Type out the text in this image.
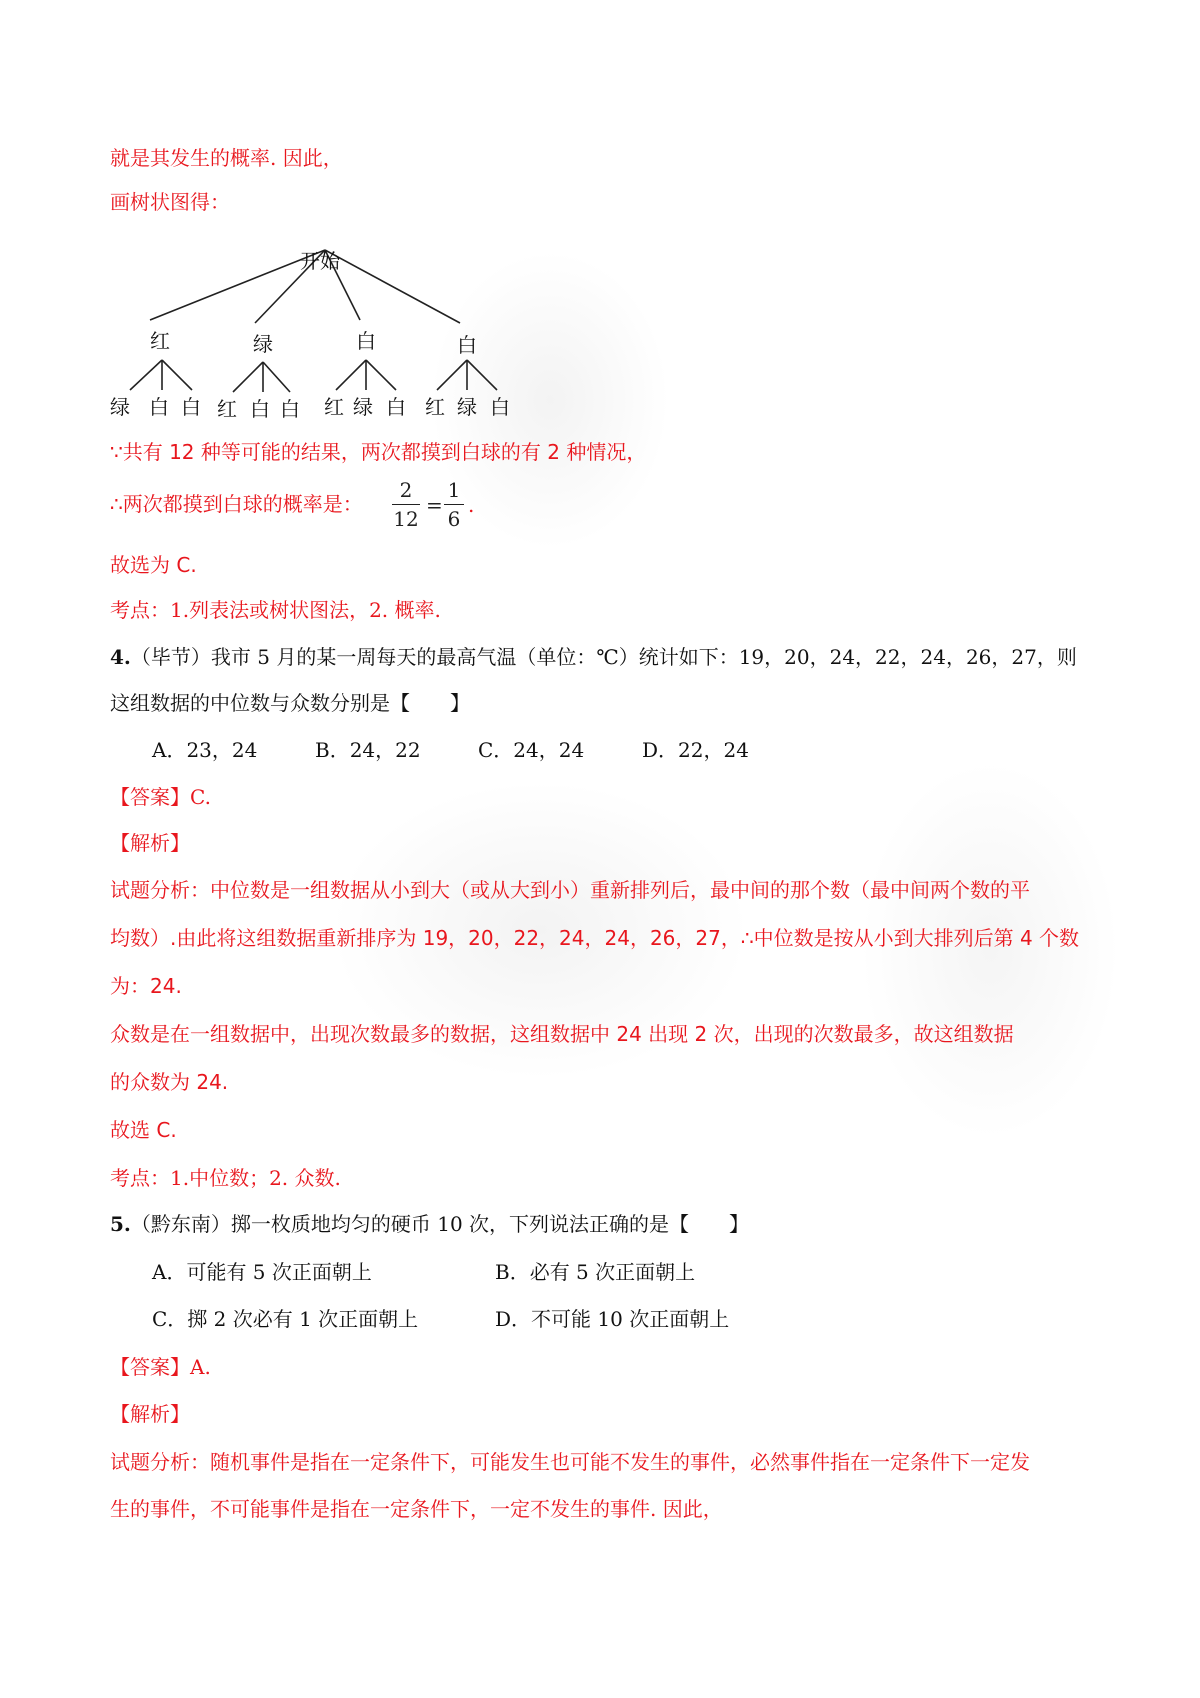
就是其发生的概率. 因此，
画树状图得：
开始
红	绿	白	白
绿 白 白 红 白 白 红 绿 白 红 绿 白
∵共有 12 种等可能的结果，两次都摸到白球的有 2 种情况，
∴两次都摸到白球的概率是：
2
12
=
1
6
.
故选为 C.
考点：1.列表法或树状图法，2. 概率.
4.（毕节）我市 5 月的某一周每天的最高气温（单位：℃）统计如下：19，20，24，22，24，26，27，则
这组数据的中位数与众数分别是【　　】
A．23，24	B．24，22	C．24，24	D．22，24
【答案】C.
【解析】
试题分析：中位数是一组数据从小到大（或从大到小）重新排列后，最中间的那个数（最中间两个数的平
均数）.由此将这组数据重新排序为 19，20，22，24，24，26，27，∴中位数是按从小到大排列后第 4 个数
为：24.
众数是在一组数据中，出现次数最多的数据，这组数据中 24 出现 2 次，出现的次数最多，故这组数据
的众数为 24.
故选 C.
考点：1.中位数；2. 众数.
5.（黔东南）掷一枚质地均匀的硬币 10 次，下列说法正确的是【　　】
A．可能有 5 次正面朝上	B．必有 5 次正面朝上
C．掷 2 次必有 1 次正面朝上	D．不可能 10 次正面朝上
【答案】A.
【解析】
试题分析：随机事件是指在一定条件下，可能发生也可能不发生的事件，必然事件指在一定条件下一定发
生的事件，不可能事件是指在一定条件下，一定不发生的事件. 因此，
